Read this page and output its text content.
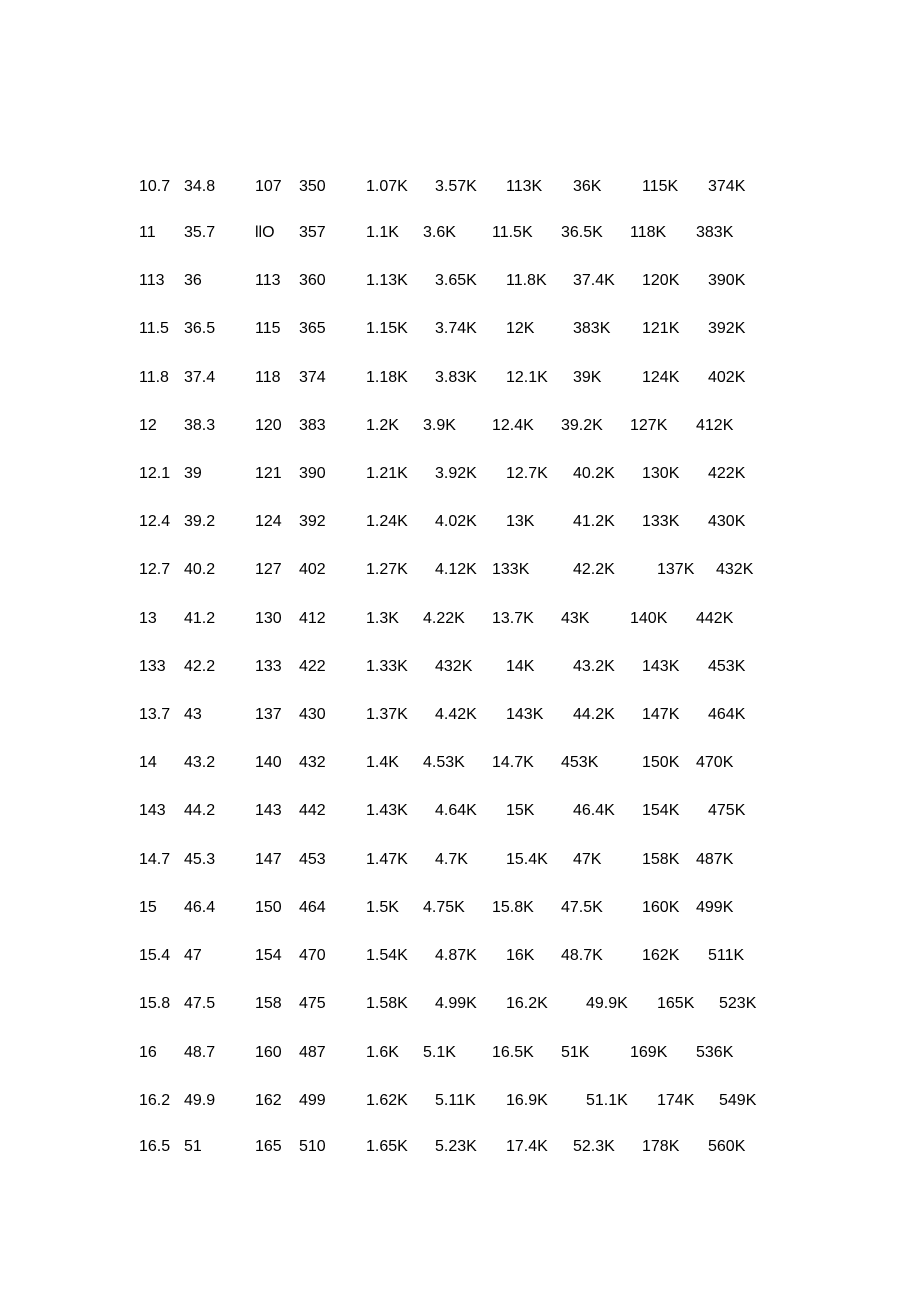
10.7 34.8 107 350	1.07K 3.57K 113K 36K	115K 374K
11 35.7 llO 357	1.1K 3.6K 11.5K 36.5K 118K 383K
113 36	113 360	1.13K 3.65K 11.8K 37.4K 120K 390K
11.5 36.5 115 365	1.15K 3.74K 12K 383K 121K 392K
11.8 37.4 118 374	1.18K 3.83K 12.1K 39K	124K 402K
12 38.3 120 383	1.2K 3.9K 12.4K 39.2K 127K 412K
12.1 39	121 390	1.21K 3.92K 12.7K 40.2K 130K 422K
12.4 39.2 124 392	1.24K 4.02K 13K 41.2K 133K 430K
12.7 40.2 127 402	1.27K 4.12K 133K	42.2K	137K 432K
13 41.2 130 412	1.3K 4.22K 13.7K 43K	140K 442K
133 42.2 133 422	1.33K 432K 14K 43.2K 143K 453K
13.7 43	137 430	1.37K 4.42K 143K 44.2K 147K 464K
14 43.2 140 432	1.4K 4.53K 14.7K 453K	150K 470K
143 44.2 143 442	1.43K 4.64K 15K 46.4K 154K 475K
14.7 45.3 147 453	1.47K 4.7K 15.4K 47K	158K 487K
15 46.4 150 464	1.5K 4.75K 15.8K 47.5K 160K 499K
15.4 47	154 470	1.54K 4.87K 16K 48.7K 162K 511K
15.8 47.5 158 475	1.58K 4.99K 16.2K 49.9K 165K 523K
16 48.7 160 487	1.6K 5.1K 16.5K 51K	169K 536K
16.2 49.9 162 499	1.62K 5.11K 16.9K 51.1K 174K 549K
16.5 51	165 510	1.65K 5.23K 17.4K 52.3K 178K 560K
